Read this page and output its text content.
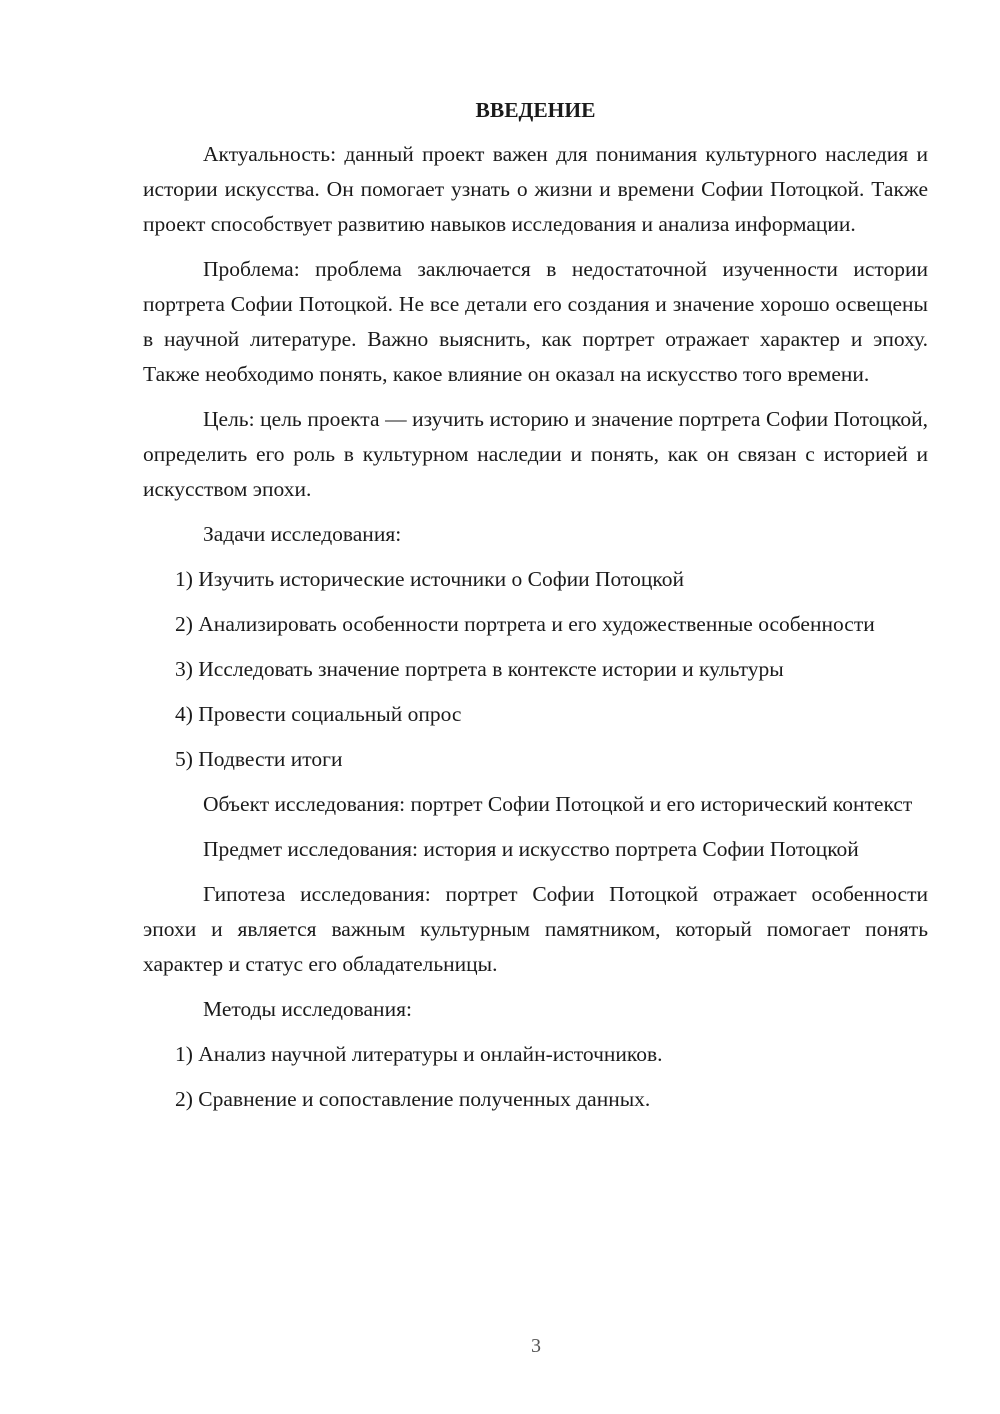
ВВЕДЕНИЕ

Актуальность: данный проект важен для понимания культурного наследия и истории искусства. Он помогает узнать о жизни и времени Софии Потоцкой. Также проект способствует развитию навыков исследования и анализа информации.

Проблема: проблема заключается в недостаточной изученности истории портрета Софии Потоцкой. Не все детали его создания и значение хорошо освещены в научной литературе. Важно выяснить, как портрет отражает характер и эпоху. Также необходимо понять, какое влияние он оказал на искусство того времени.

Цель: цель проекта — изучить историю и значение портрета Софии Потоцкой, определить его роль в культурном наследии и понять, как он связан с историей и искусством эпохи.

Задачи исследования:

1) Изучить исторические источники о Софии Потоцкой

2) Анализировать особенности портрета и его художественные особенности

3) Исследовать значение портрета в контексте истории и культуры

4) Провести социальный опрос

5) Подвести итоги

Объект исследования: портрет Софии Потоцкой и его исторический контекст

Предмет исследования: история и искусство портрета Софии Потоцкой

Гипотеза исследования: портрет Софии Потоцкой отражает особенности эпохи и является важным культурным памятником, который помогает понять характер и статус его обладательницы.

Методы исследования:

1) Анализ научной литературы и онлайн-источников.

2) Сравнение и сопоставление полученных данных.

3
